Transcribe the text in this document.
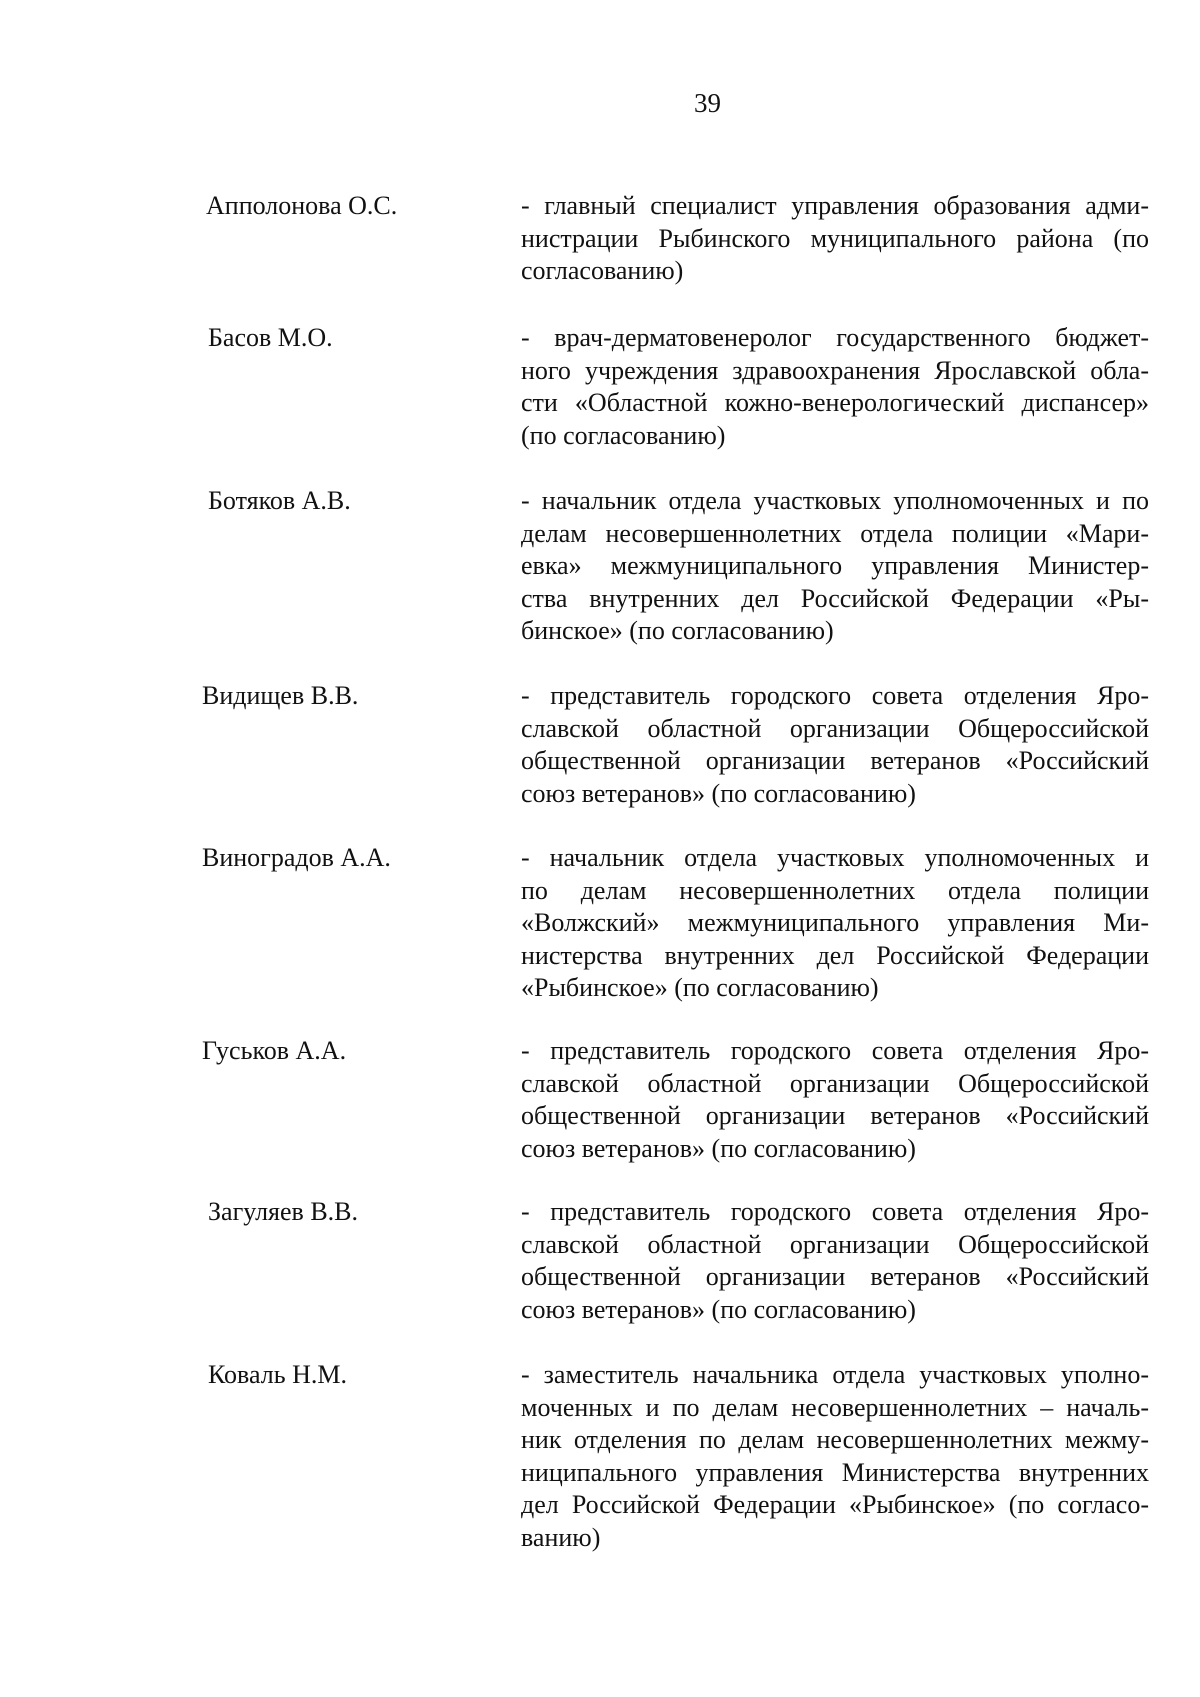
39
Апполонова О.С.	- главный специалист управления образования адми-
нистрации Рыбинского муниципального района (по
согласованию)
Басов М.О.	- врач-дерматовенеролог государственного бюджет-
ного учреждения здравоохранения Ярославской обла-
сти «Областной кожно-венерологический диспансер»
(по согласованию)
Ботяков А.В.	- начальник отдела участковых уполномоченных и по
делам несовершеннолетних отдела полиции «Мари-
евка» межмуниципального управления Министер-
ства внутренних дел Российской Федерации «Ры-
бинское» (по согласованию)
Видищев В.В.	- представитель городского совета отделения Яро-
славской областной организации Общероссийской
общественной организации ветеранов «Российский
союз ветеранов» (по согласованию)
Виноградов А.А.	- начальник отдела участковых уполномоченных и
по делам несовершеннолетних отдела полиции
«Волжский» межмуниципального управления Ми-
нистерства внутренних дел Российской Федерации
«Рыбинское» (по согласованию)
Гуськов А.А.	- представитель городского совета отделения Яро-
славской областной организации Общероссийской
общественной организации ветеранов «Российский
союз ветеранов» (по согласованию)
Загуляев В.В.	- представитель городского совета отделения Яро-
славской областной организации Общероссийской
общественной организации ветеранов «Российский
союз ветеранов» (по согласованию)
Коваль Н.М.	- заместитель начальника отдела участковых уполно-
моченных и по делам несовершеннолетних – началь-
ник отделения по делам несовершеннолетних межму-
ниципального управления Министерства внутренних
дел Российской Федерации «Рыбинское» (по согласо-
ванию)
